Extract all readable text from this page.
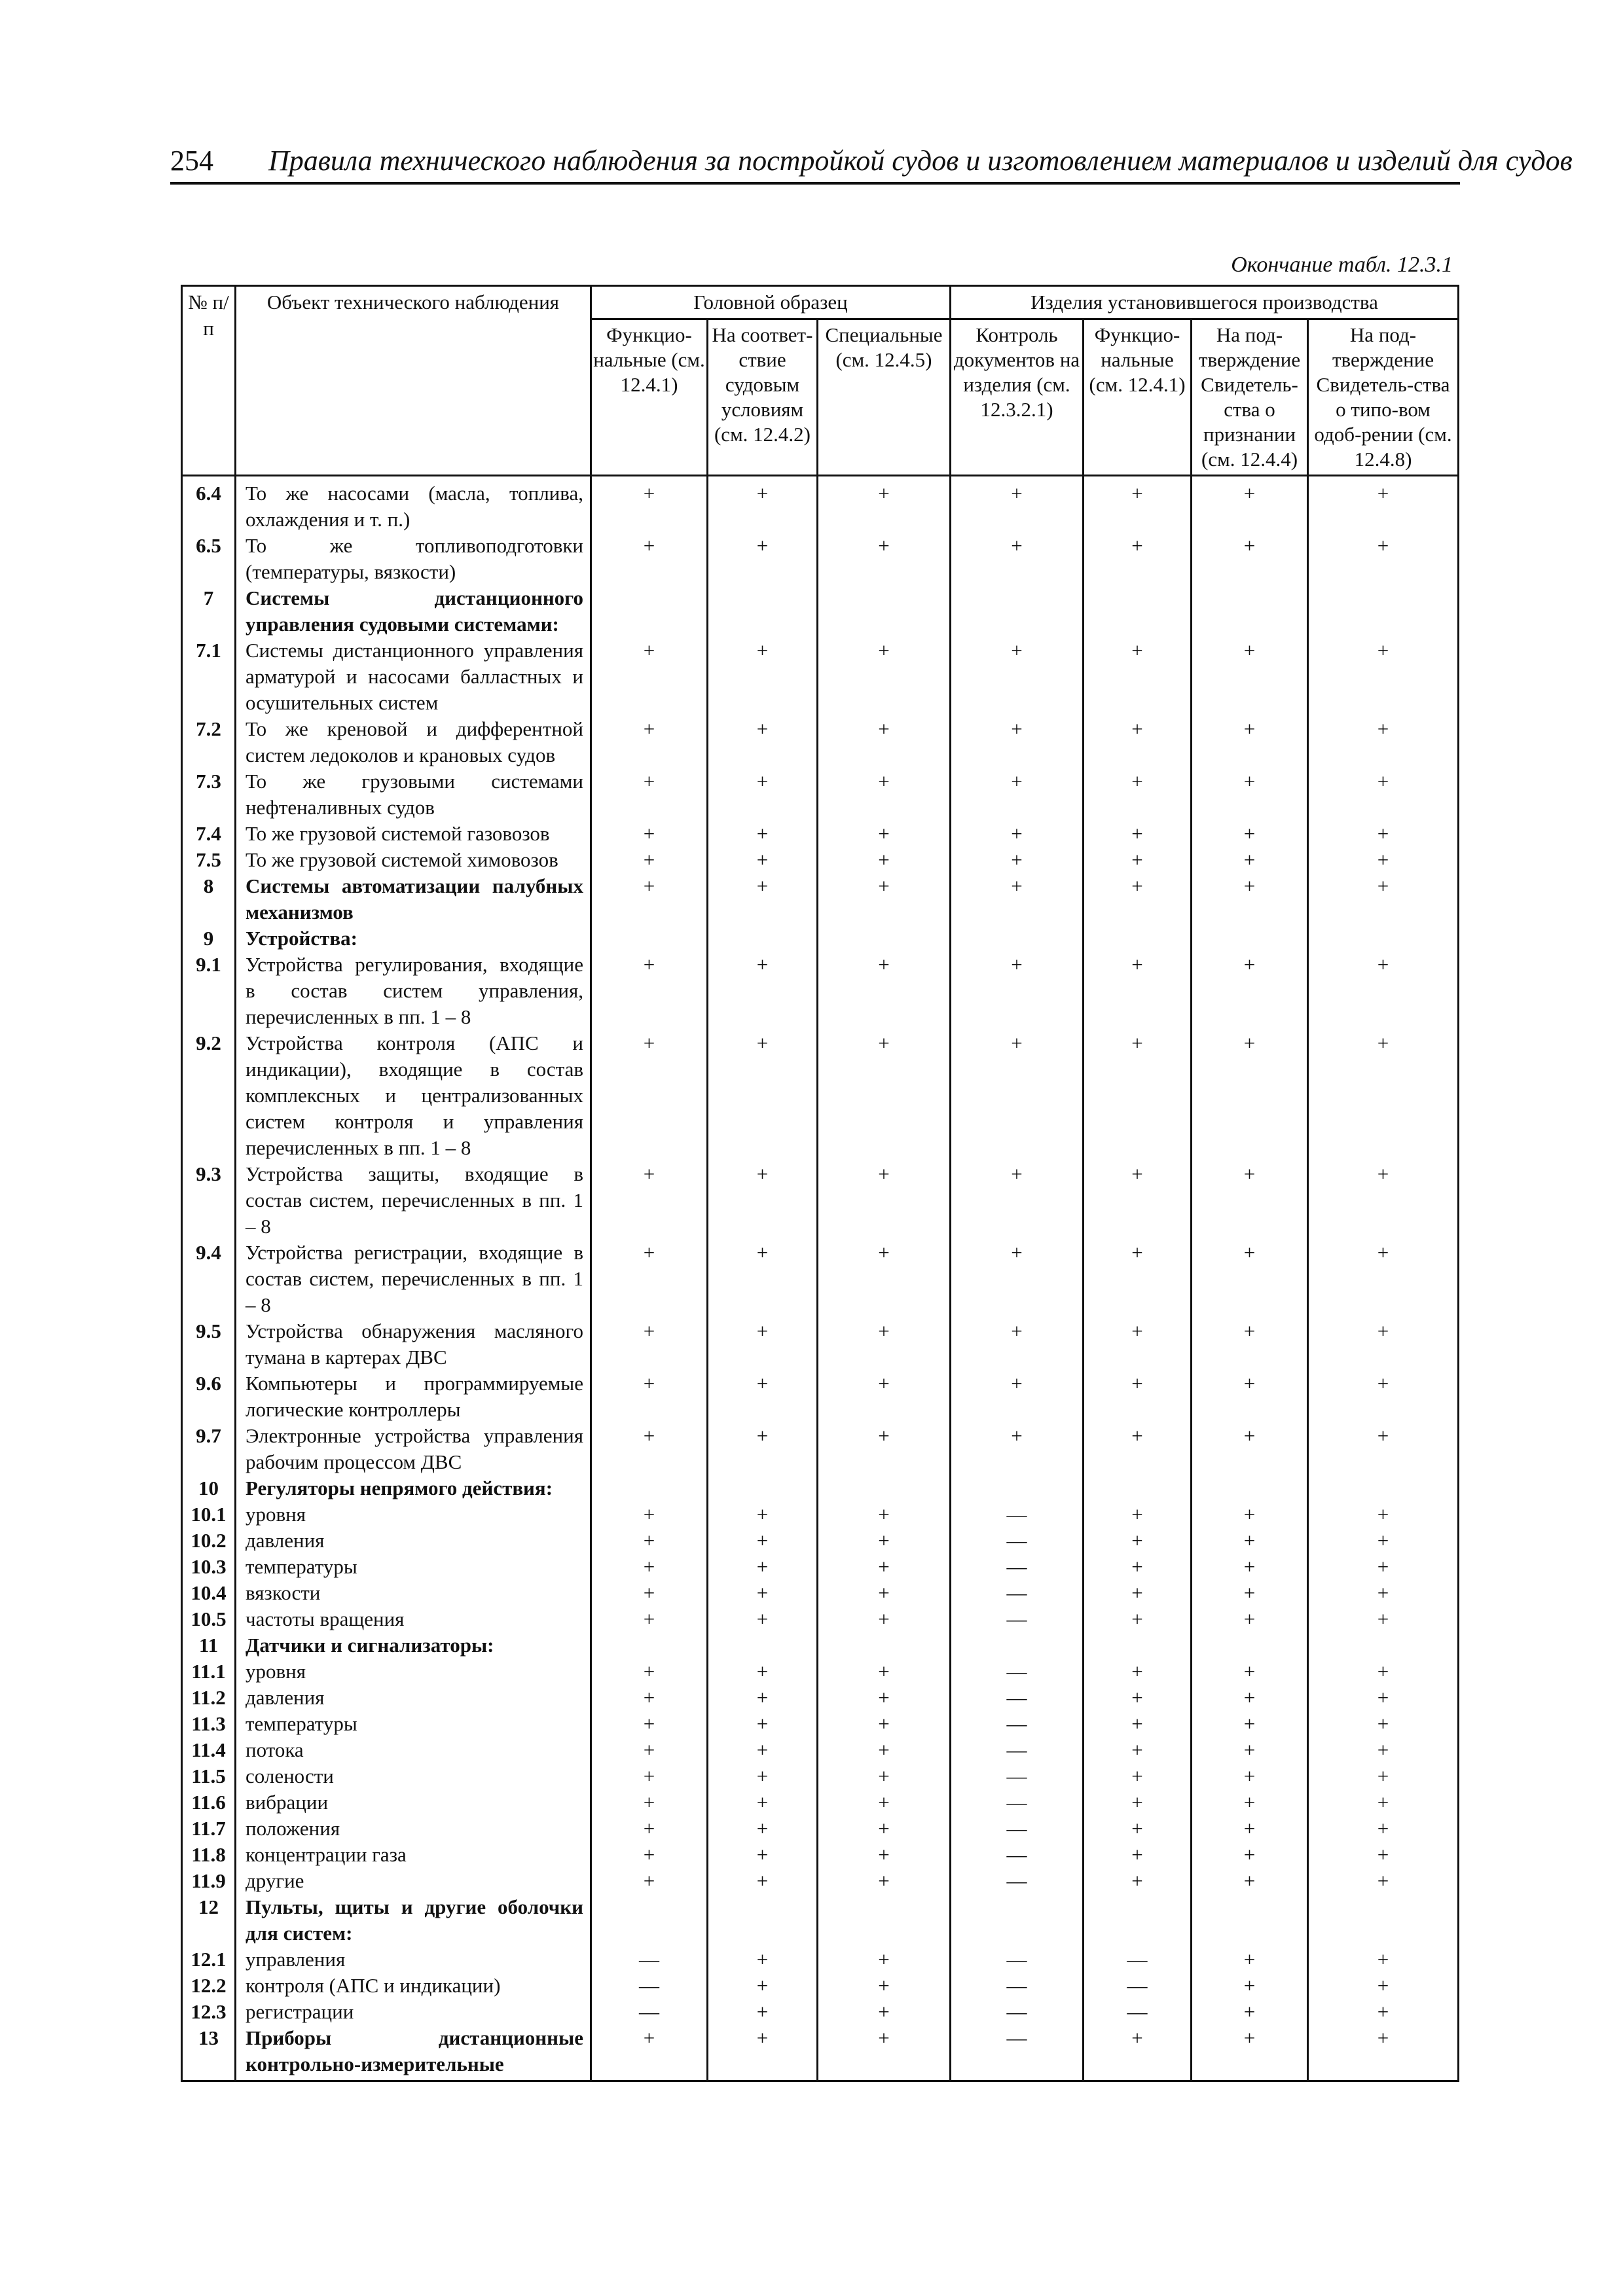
254 Правила технического наблюдения за постройкой судов и изготовлением материалов и изделий для судов
Окончание табл. 12.3.1
№ п/п	Объект технического наблюдения	Головной образец			Изделия установившегося производства			
		Функцио-нальные (см. 12.4.1)	На соответ-ствие судовым условиям (см. 12.4.2)	Специальные (см. 12.4.5)	Контроль документов на изделия (см. 12.3.2.1)	Функцио-нальные (см. 12.4.1)	На под-тверждение Свидетель-ства о признании (см. 12.4.4)	На под-тверждение Свидетель-ства о типо-вом одоб-рении (см. 12.4.8)
6.4	То же насосами (масла, топлива, охлаждения и т. п.)	+	+	+	+	+	+	+
6.5	То же топливоподготовки (температуры, вязкости)	+	+	+	+	+	+	+
7	Системы дистанционного управления судовыми системами:							
7.1	Системы дистанционного управления арматурой и насосами балластных и осушительных систем	+	+	+	+	+	+	+
7.2	То же креновой и дифферентной систем ледоколов и крановых судов	+	+	+	+	+	+	+
7.3	То же грузовыми системами нефтеналивных судов	+	+	+	+	+	+	+
7.4	То же грузовой системой газовозов	+	+	+	+	+	+	+
7.5	То же грузовой системой химовозов	+	+	+	+	+	+	+
8	Системы автоматизации палубных механизмов	+	+	+	+	+	+	+
9	Устройства:							
9.1	Устройства регулирования, входящие в состав систем управления, перечисленных в пп. 1 – 8	+	+	+	+	+	+	+
9.2	Устройства контроля (АПС и индикации), входящие в состав комплексных и централизованных систем контроля и управления перечисленных в пп. 1 – 8	+	+	+	+	+	+	+
9.3	Устройства защиты, входящие в состав систем, перечисленных в пп. 1 – 8	+	+	+	+	+	+	+
9.4	Устройства регистрации, входящие в состав систем, перечисленных в пп. 1 – 8	+	+	+	+	+	+	+
9.5	Устройства обнаружения масляного тумана в картерах ДВС	+	+	+	+	+	+	+
9.6	Компьютеры и программируемые логические контроллеры	+	+	+	+	+	+	+
9.7	Электронные устройства управления рабочим процессом ДВС	+	+	+	+	+	+	+
10	Регуляторы непрямого действия:							
10.1	уровня	+	+	+	—	+	+	+
10.2	давления	+	+	+	—	+	+	+
10.3	температуры	+	+	+	—	+	+	+
10.4	вязкости	+	+	+	—	+	+	+
10.5	частоты вращения	+	+	+	—	+	+	+
11	Датчики и сигнализаторы:							
11.1	уровня	+	+	+	—	+	+	+
11.2	давления	+	+	+	—	+	+	+
11.3	температуры	+	+	+	—	+	+	+
11.4	потока	+	+	+	—	+	+	+
11.5	солености	+	+	+	—	+	+	+
11.6	вибрации	+	+	+	—	+	+	+
11.7	положения	+	+	+	—	+	+	+
11.8	концентрации газа	+	+	+	—	+	+	+
11.9	другие	+	+	+	—	+	+	+
12	Пульты, щиты и другие оболочки для систем:							
12.1	управления	—	+	+	—	—	+	+
12.2	контроля (АПС и индикации)	—	+	+	—	—	+	+
12.3	регистрации	—	+	+	—	—	+	+
13	Приборы дистанционные контрольно-измерительные	+	+	+	—	+	+	+
